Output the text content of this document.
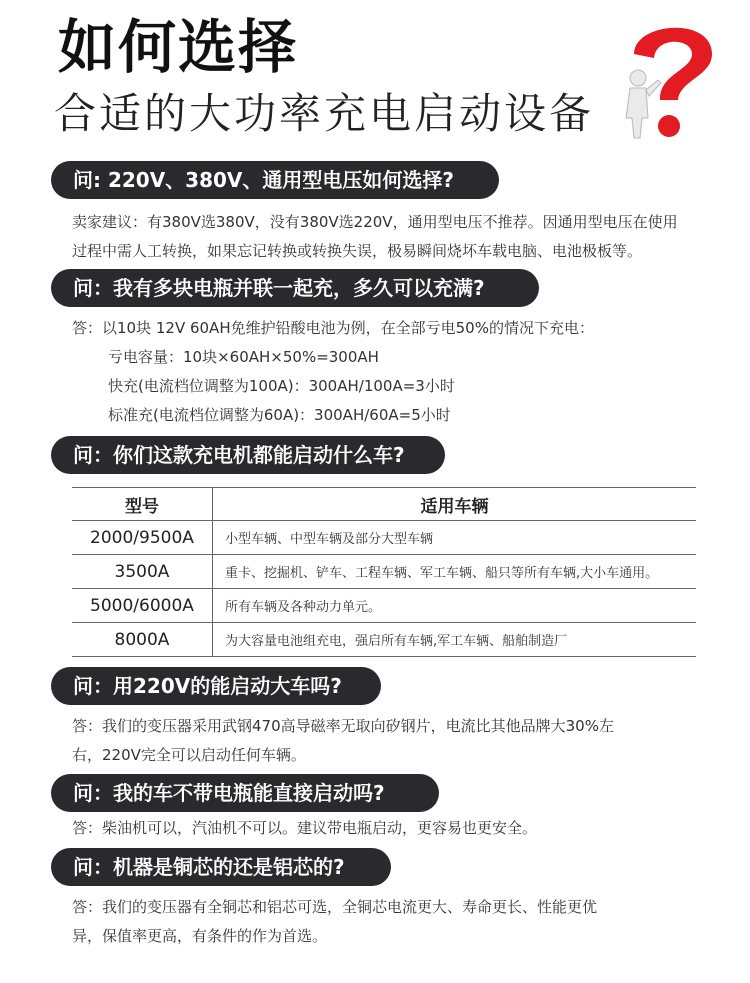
如何选择
合适的大功率充电启动设备
问: 220V、380V、通用型电压如何选择?
卖家建议：有380V选380V，没有380V选220V，通用型电压不推荐。因通用型电压在使用
过程中需人工转换，如果忘记转换或转换失误，极易瞬间烧坏车载电脑、电池极板等。
问：我有多块电瓶并联一起充，多久可以充满?
答：以10块 12V 60AH免维护铅酸电池为例，在全部亏电50%的情况下充电：
亏电容量：10块×60AH×50%=300AH
快充(电流档位调整为100A)：300AH/100A=3小时
标准充(电流档位调整为60A)：300AH/60A=5小时
问：你们这款充电机都能启动什么车?
型号	适用车辆
2000/9500A	小型车辆、中型车辆及部分大型车辆
3500A	重卡、挖掘机、铲车、工程车辆、军工车辆、船只等所有车辆,大小车通用。
5000/6000A	所有车辆及各种动力单元。
8000A	为大容量电池组充电，强启所有车辆,军工车辆、船舶制造厂
问：用220V的能启动大车吗?
答：我们的变压器采用武钢470高导磁率无取向矽钢片，电流比其他品牌大30%左
右，220V完全可以启动任何车辆。
问：我的车不带电瓶能直接启动吗?
答：柴油机可以，汽油机不可以。建议带电瓶启动，更容易也更安全。
问：机器是铜芯的还是铝芯的?
答：我们的变压器有全铜芯和铝芯可选，全铜芯电流更大、寿命更长、性能更优
异，保值率更高，有条件的作为首选。
